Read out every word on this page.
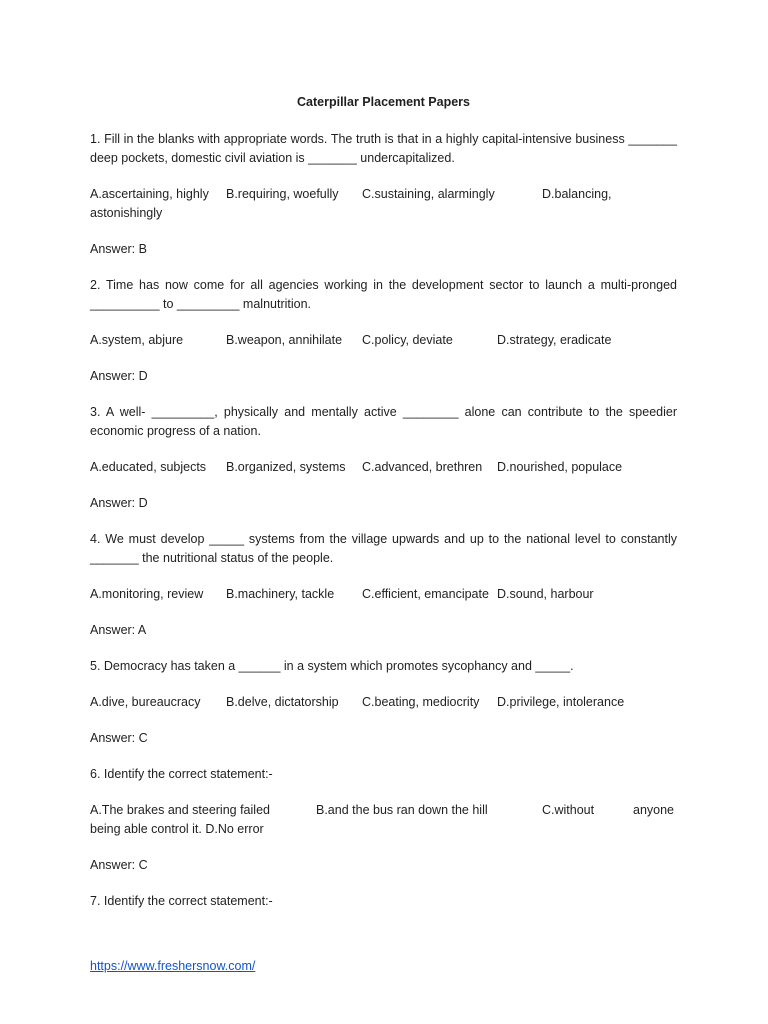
Caterpillar Placement Papers
1. Fill in the blanks with appropriate words. The truth is that in a highly capital-intensive business _______ deep pockets, domestic civil aviation is _______ undercapitalized.
A.ascertaining, highly B.requiring, woefully C.sustaining, alarmingly	D.balancing,
astonishingly
Answer: B
2. Time has now come for all agencies working in the development sector to launch a multi-pronged __________ to _________ malnutrition.
A.system, abjure	B.weapon, annihilate C.policy, deviate	D.strategy, eradicate
Answer: D
3. A well- _________, physically and mentally active ________ alone can contribute to the speedier economic progress of a nation.
A.educated, subjects B.organized, systems C.advanced, brethren D.nourished, populace
Answer: D
4. We must develop _____ systems from the village upwards and up to the national level to constantly _______ the nutritional status of the people.
A.monitoring, review B.machinery, tackle C.efficient, emancipate D.sound, harbour
Answer: A
5. Democracy has taken a ______ in a system which promotes sycophancy and _____.
A.dive, bureaucracy B.delve, dictatorship C.beating, mediocrity D.privilege, intolerance
Answer: C
6. Identify the correct statement:-
A.The brakes and steering failed	B.and the bus ran down the hill	C.without	anyone
being able control it. D.No error
Answer: C
7. Identify the correct statement:-
https://www.freshersnow.com/
